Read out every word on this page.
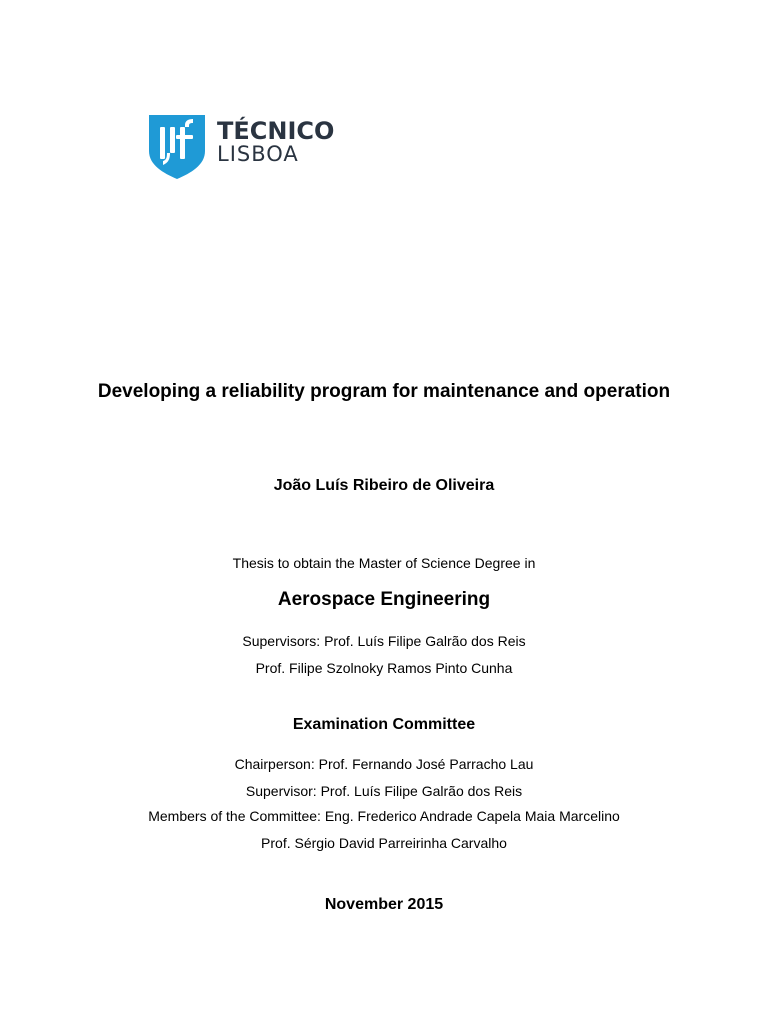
TÉCNICO
LISBOA
Developing a reliability program for maintenance and operation
João Luís Ribeiro de Oliveira
Thesis to obtain the Master of Science Degree in
Aerospace Engineering
Supervisors: Prof. Luís Filipe Galrão dos Reis
Prof. Filipe Szolnoky Ramos Pinto Cunha
Examination Committee
Chairperson: Prof. Fernando José Parracho Lau
Supervisor: Prof. Luís Filipe Galrão dos Reis
Members of the Committee: Eng. Frederico Andrade Capela Maia Marcelino
Prof. Sérgio David Parreirinha Carvalho
November 2015
